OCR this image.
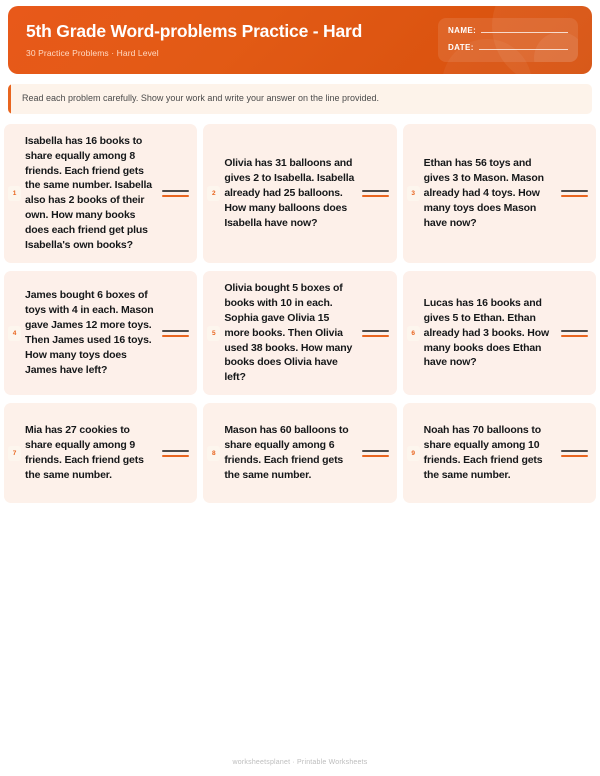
5th Grade Word-problems Practice - Hard
30 Practice Problems · Hard Level
NAME:
DATE:
Read each problem carefully. Show your work and write your answer on the line provided.
1
Isabella has 16 books to share equally among 8 friends. Each friend gets the same number. Isabella also has 2 books of their own. How many books does each friend get plus Isabella's own books?
2
Olivia has 31 balloons and gives 2 to Isabella. Isabella already had 25 balloons. How many balloons does Isabella have now?
3
Ethan has 56 toys and gives 3 to Mason. Mason already had 4 toys. How many toys does Mason have now?
4
James bought 6 boxes of toys with 4 in each. Mason gave James 12 more toys. Then James used 16 toys. How many toys does James have left?
5
Olivia bought 5 boxes of books with 10 in each. Sophia gave Olivia 15 more books. Then Olivia used 38 books. How many books does Olivia have left?
6
Lucas has 16 books and gives 5 to Ethan. Ethan already had 3 books. How many books does Ethan have now?
7
Mia has 27 cookies to share equally among 9 friends. Each friend gets the same number.
8
Mason has 60 balloons to share equally among 6 friends. Each friend gets the same number.
9
Noah has 70 balloons to share equally among 10 friends. Each friend gets the same number.
worksheetsplanet · Printable Worksheets
